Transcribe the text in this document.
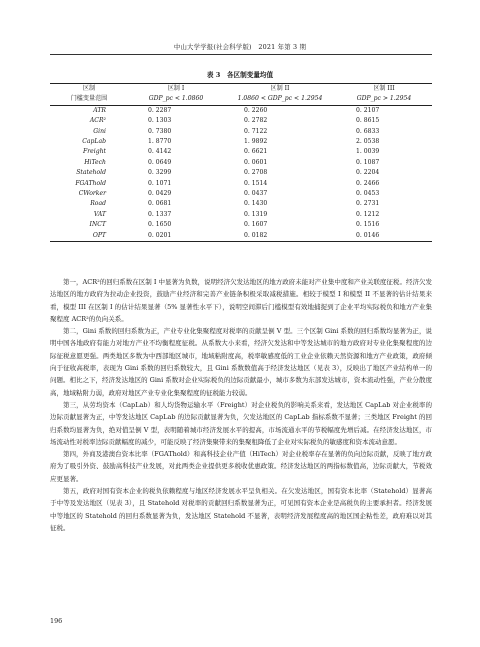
中山大学学报(社会科学版)　2021 年第 3 期
表 3　各区制变量均值
区制	区制 I	区制 II	区制 III
门槛变量范围	GDP_pc < 1.0860	1.0860 < GDP_pc < 1.2954	GDP_pc > 1.2954
ATR	0. 2287	0. 2260	0. 2107
ACR²	0. 1303	0. 2782	0. 8615
Gini	0. 7380	0. 7122	0. 6833
CapLab	1. 8770	1. 9892	2. 0538
Freight	0. 4142	0. 6621	1. 0039
HiTech	0. 0649	0. 0601	0. 1087
Statehold	0. 3299	0. 2708	0. 2204
FGAThold	0. 1071	0. 1514	0. 2466
CWorker	0. 0429	0. 0437	0. 0453
Road	0. 0681	0. 1430	0. 2731
VAT	0. 1337	0. 1319	0. 1212
INCT	0. 1650	0. 1607	0. 1516
OPT	0. 0201	0. 0182	0. 0146

第一，ACR²的回归系数在区制 I 中显著为负数，说明经济欠发达地区的地方政府未能对产业集中度和产业关联度征税。经济欠发达地区的地方政府为拉动企业投资，鼓励产业经济和完善产业链条积极采取减税措施。相较于模型 I 和模型 II 不显著的估计结果来看，模型 III 在区制 I 的估计结果显著（5% 显著性水平下），说明空间滞后门槛模型有效地捕捉到了企业平均实际税负和地方产业集聚程度 ACR²的负向关系。

第二，Gini 系数的回归系数为正，产业专业化集聚程度对税率的贡献呈倒 V 型。三个区制 Gini 系数的回归系数均显著为正，说明中国各地政府有能力对地方产业不均衡程度征税。从系数大小来看，经济欠发达和中等发达城市的地方政府对专业化集聚程度的边际征税意愿更强。两类地区多数为中西部地区城市，地域粘附度高，税率敏感度低的工业企业依赖天然资源和地方产业政策，政府倾向于征收高税率，表现为 Gini 系数的回归系数较大，且 Gini 系数数值高于经济发达地区（见表 3），反映出了地区产业结构单一的问题。相比之下，经济发达地区的 Gini 系数对企业实际税负的边际贡献最小，城市多数为东部发达城市，资本流动性强，产业分散度高，地域粘附力弱，政府对地区产业专业化集聚程度的征税能力较弱。

第三，从劳均资本（CapLab）和人均货物运输水平（Freight）对企业税负的影响关系来看，发达地区 CapLab 对企业税率的边际贡献显著为正，中等发达地区 CapLab 的边际贡献显著为负，欠发达地区的 CapLab 指标系数不显著；三类地区 Freight 的回归系数均显著为负，绝对值呈倒 V 型，表明随着城市经济发展水平的提高，市场流通水平的节税幅度先增后减。在经济发达地区，市场流动性对税率边际贡献幅度的减少，可能反映了经济集聚带来的集聚租降低了企业对实际税负的敏感度和资本流动意愿。

第四，外商及港澳台资本比率（FGAThold）和高科技企业产值（HiTech）对企业税率存在显著的负向边际贡献，反映了地方政府为了吸引外资、鼓励高科技产业发展，对此两类企业提供更多税收优惠政策。经济发达地区的两指标数值高，边际贡献大，节税效应更显著。

第五，政府对国有资本企业的税负依赖程度与地区经济发展水平呈负相关。在欠发达地区，国有资本比率（Statehold）显著高于中等及发达地区（见表 3），且 Statehold 对税率的贡献回归系数显著为正，可见国有资本企业是高税负的主要承担者。经济发展中等地区的 Statehold 的回归系数显著为负，发达地区 Statehold 不显著，表明经济发展程度高的地区国企粘性差，政府难以对其征税。

196
